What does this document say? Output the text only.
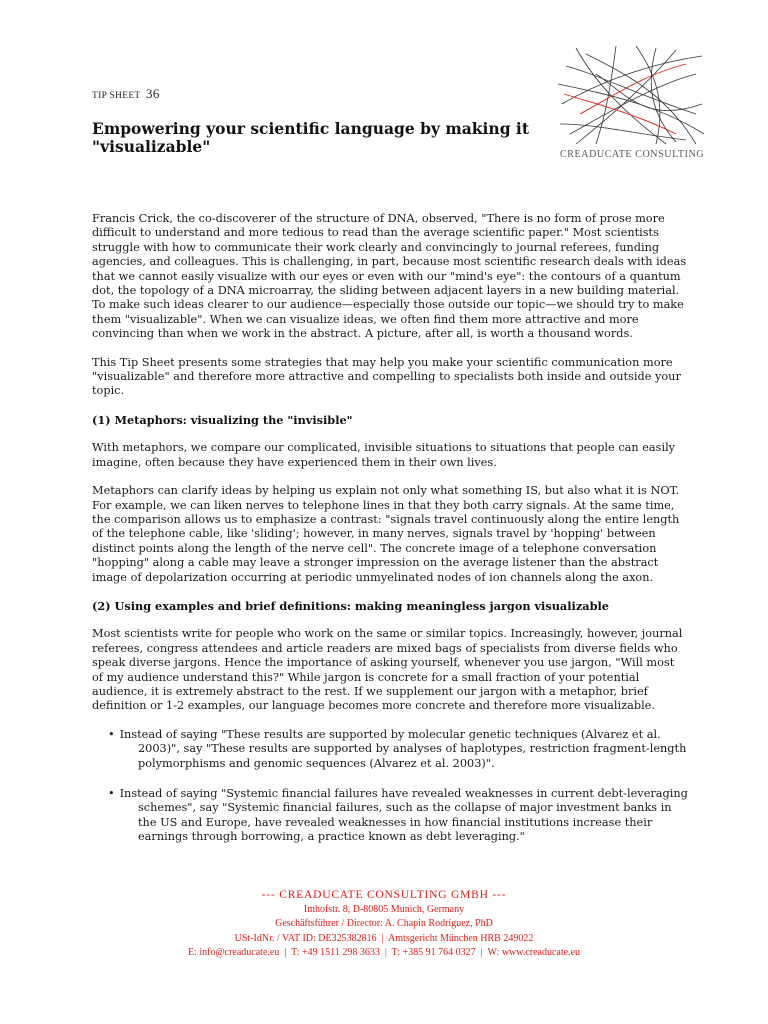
TIP SHEET 36
Empowering your scientific language by making it "visualizable"	CREADUCATE CONSULTING

Francis Crick, the co-discoverer of the structure of DNA, observed, "There is no form of prose more difficult to understand and more tedious to read than the average scientific paper." Most scientists struggle with how to communicate their work clearly and convincingly to journal referees, funding agencies, and colleagues. This is challenging, in part, because most scientific research deals with ideas that we cannot easily visualize with our eyes or even with our "mind's eye": the contours of a quantum dot, the topology of a DNA microarray, the sliding between adjacent layers in a new building material. To make such ideas clearer to our audience—especially those outside our topic—we should try to make them "visualizable". When we can visualize ideas, we often find them more attractive and more convincing than when we work in the abstract. A picture, after all, is worth a thousand words.

This Tip Sheet presents some strategies that may help you make your scientific communication more "visualizable" and therefore more attractive and compelling to specialists both inside and outside your topic.

(1) Metaphors: visualizing the "invisible"

With metaphors, we compare our complicated, invisible situations to situations that people can easily imagine, often because they have experienced them in their own lives.

Metaphors can clarify ideas by helping us explain not only what something IS, but also what it is NOT. For example, we can liken nerves to telephone lines in that they both carry signals. At the same time, the comparison allows us to emphasize a contrast: "signals travel continuously along the entire length of the telephone cable, like 'sliding'; however, in many nerves, signals travel by 'hopping' between distinct points along the length of the nerve cell". The concrete image of a telephone conversation "hopping" along a cable may leave a stronger impression on the average listener than the abstract image of depolarization occurring at periodic unmyelinated nodes of ion channels along the axon.

(2) Using examples and brief definitions: making meaningless jargon visualizable

Most scientists write for people who work on the same or similar topics. Increasingly, however, journal referees, congress attendees and article readers are mixed bags of specialists from diverse fields who speak diverse jargons. Hence the importance of asking yourself, whenever you use jargon, "Will most of my audience understand this?" While jargon is concrete for a small fraction of your potential audience, it is extremely abstract to the rest. If we supplement our jargon with a metaphor, brief definition or 1-2 examples, our language becomes more concrete and therefore more visualizable.

• Instead of saying "These results are supported by molecular genetic techniques (Alvarez et al. 2003)", say "These results are supported by analyses of haplotypes, restriction fragment-length polymorphisms and genomic sequences (Alvarez et al. 2003)".
• Instead of saying "Systemic financial failures have revealed weaknesses in current debt-leveraging schemes", say "Systemic financial failures, such as the collapse of major investment banks in the US and Europe, have revealed weaknesses in how financial institutions increase their earnings through borrowing, a practice known as debt leveraging."
--- CREADUCATE CONSULTING GMBH ---
Imhofstr. 8, D-80805 Munich, Germany
Geschäftsführer / Director: A. Chapin Rodríguez, PhD
USt-IdNr. / VAT ID: DE325382816  |  Amtsgericht München HRB 249022
E: info@creaducate.eu  |  T: +49 1511 298 3633  |  T: +385 91 764 0327  |  W: www.creaducate.eu
